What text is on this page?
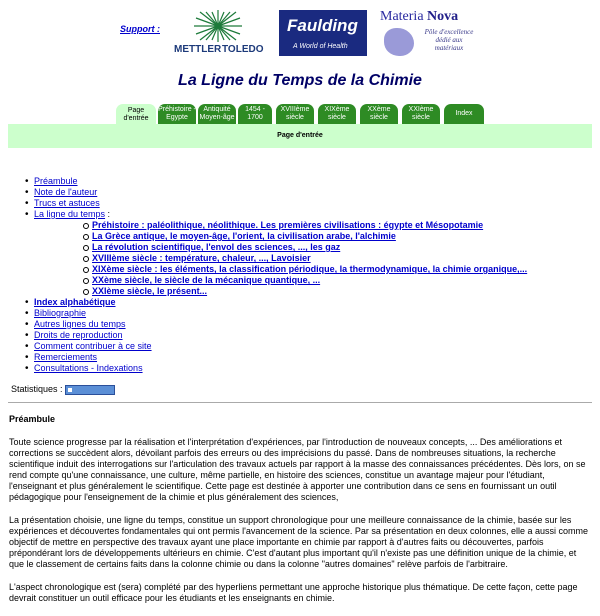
Support :
METTLER TOLEDO
Faulding
A World of Health
Materia Nova
Pôle d'excellence dédié aux matériaux
La Ligne du Temps de la Chimie
Page d'entrée
Préhistoire - Egypte
Antiquité Moyen-âge
1454 - 1700
XVIIIème siècle
XIXème siècle
XXème siècle
XXIème siècle
Index
Page d'entrée
• Préambule
• Note de l'auteur
• Trucs et astuces
• La ligne du temps :
Préhistoire : paléolithique, néolithique. Les premières civilisations : égypte et Mésopotamie
La Grèce antique, le moyen-âge, l'orient, la civilisation arabe, l'alchimie
La révolution scientifique, l'envol des sciences, ..., les gaz
XVIIIème siècle : température, chaleur, ..., Lavoisier
XIXème siècle : les éléments, la classification périodique, la thermodynamique, la chimie organique,...
XXème siècle, le siècle de la mécanique quantique, ...
XXIème siècle, le présent...
• Index alphabétique
• Bibliographie
• Autres lignes du temps
• Droits de reproduction
• Comment contribuer à ce site
• Remerciements
• Consultations - Indexations
Statistiques :
Préambule

Toute science progresse par la réalisation et l'interprétation d'expériences, par l'introduction de nouveaux concepts, ... Des améliorations et corrections se succèdent alors, dévoilant parfois des erreurs ou des imprécisions du passé. Dans de nombreuses situations, la recherche scientifique induit des interrogations sur l'articulation des travaux actuels par rapport à la masse des connaissances précédentes. Dès lors, on se rend compte qu'une connaissance, une culture, même partielle, en histoire des sciences, constitue un avantage majeur pour l'étudiant, l'enseignant et plus généralement le scientifique. Cette page est destinée à apporter une contribution dans ce sens en fournissant un outil pédagogique pour l'enseignement de la chimie et plus généralement des sciences,

La présentation choisie, une ligne du temps, constitue un support chronologique pour une meilleure connaissance de la chimie, basée sur les expériences et découvertes fondamentales qui ont permis l'avancement de la science. Par sa présentation en deux colonnes, elle a aussi comme objectif de mettre en perspective des travaux ayant une place importante en chimie par rapport à d'autres faits ou découvertes, parfois prépondérant lors de développements ultérieurs en chimie. C'est d'autant plus important qu'il n'existe pas une définition unique de la chimie, et que le classement de certains faits dans la colonne chimie ou dans la colonne "autres domaines" relève parfois de l'arbitraire.

L'aspect chronologique est (sera) complété par des hyperliens permettant une approche historique plus thématique. De cette façon, cette page devrait constituer un outil efficace pour les étudiants et les enseignants en chimie.
